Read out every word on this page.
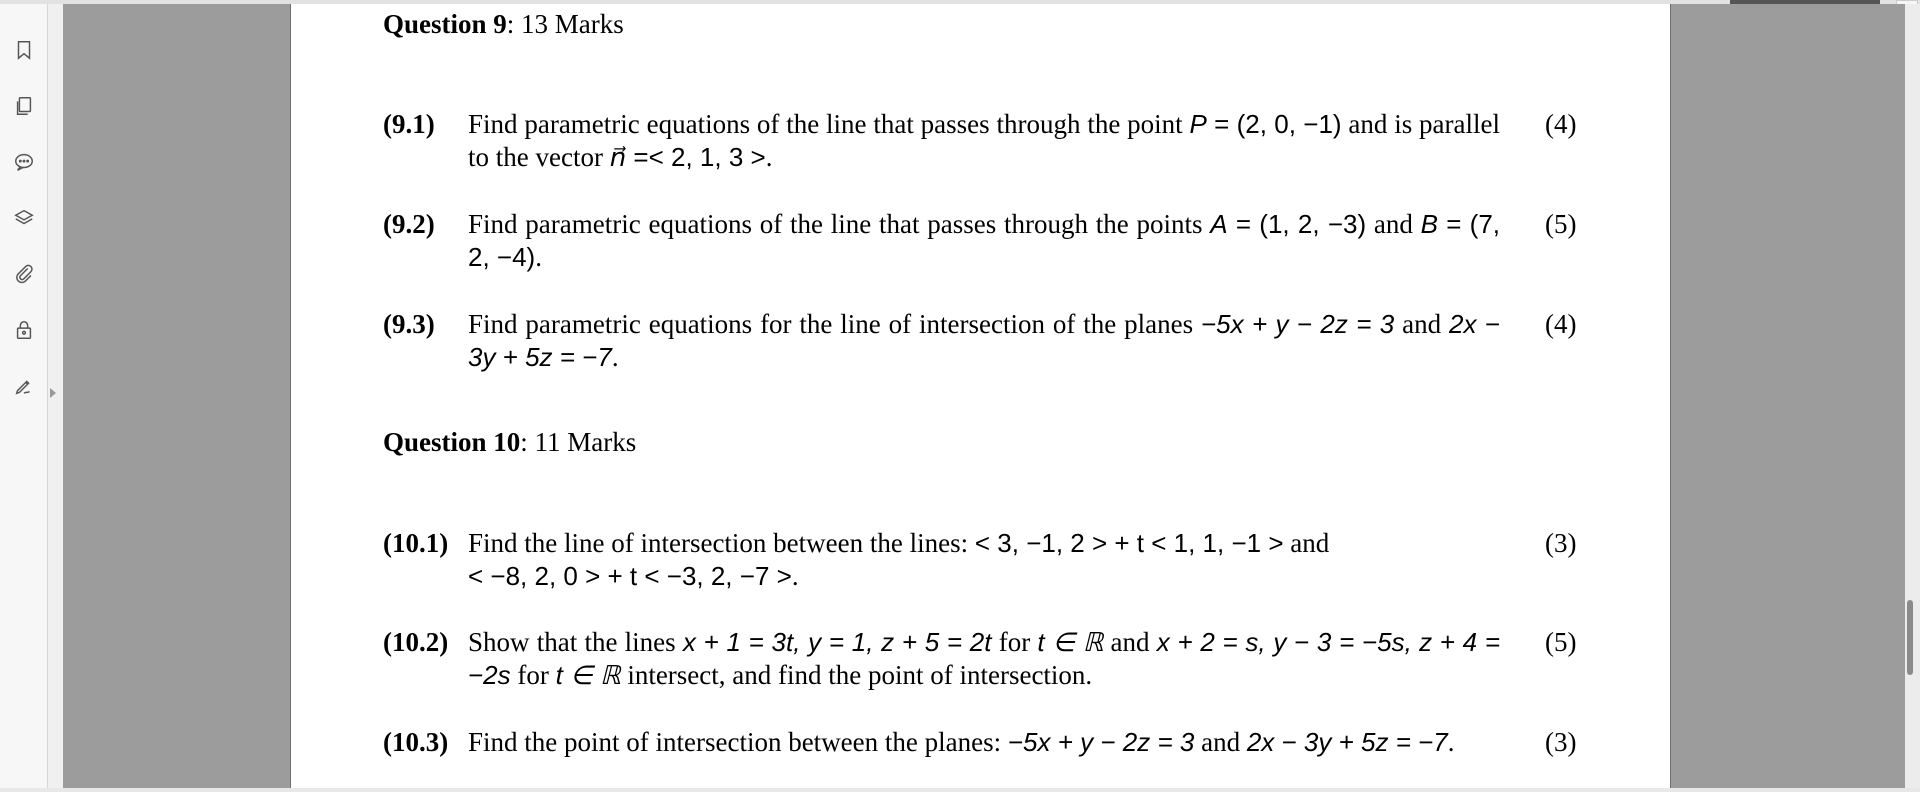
Question 9: 13 Marks
(9.1) Find parametric equations of the line that passes through the point P = (2, 0, −1) and is parallel to the vector n⃗ =< 2, 1, 3 >.
(4)
(9.2) Find parametric equations of the line that passes through the points A = (1, 2, −3) and B = (7, 2, −4).
(5)
(9.3) Find parametric equations for the line of intersection of the planes −5x + y − 2z = 3 and 2x − 3y + 5z = −7.
(4)
Question 10: 11 Marks
(10.1) Find the line of intersection between the lines: < 3, −1, 2 > + t < 1, 1, −1 > and
< −8, 2, 0 > + t < −3, 2, −7 >.
(3)
(10.2) Show that the lines x + 1 = 3t, y = 1, z + 5 = 2t for t ∈ ℝ and x + 2 = s, y − 3 = −5s, z + 4 = −2s for t ∈ ℝ intersect, and find the point of intersection.
(5)
(10.3) Find the point of intersection between the planes: −5x + y − 2z = 3 and 2x − 3y + 5z = −7.	(3)
